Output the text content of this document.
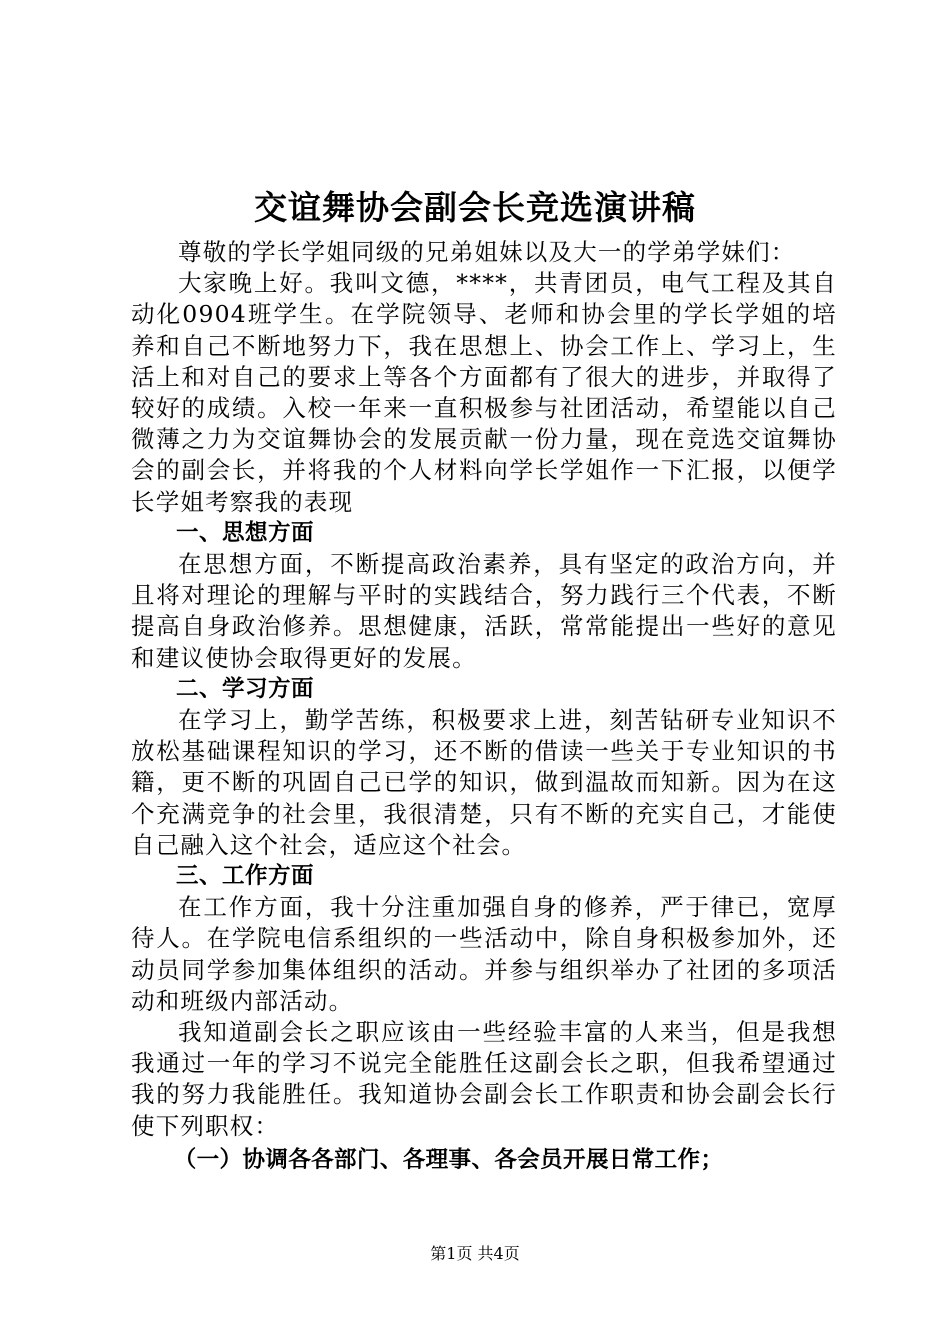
交谊舞协会副会长竞选演讲稿

尊敬的学长学姐同级的兄弟姐妹以及大一的学弟学妹们：

大家晚上好。我叫文德，****，共青团员，电气工程及其自动化0904班学生。在学院领导、老师和协会里的学长学姐的培养和自己不断地努力下，我在思想上、协会工作上、学习上，生活上和对自己的要求上等各个方面都有了很大的进步，并取得了较好的成绩。入校一年来一直积极参与社团活动，希望能以自己微薄之力为交谊舞协会的发展贡献一份力量，现在竞选交谊舞协会的副会长，并将我的个人材料向学长学姐作一下汇报，以便学长学姐考察我的表现

一、思想方面

在思想方面，不断提高政治素养，具有坚定的政治方向，并且将对理论的理解与平时的实践结合，努力践行三个代表，不断提高自身政治修养。思想健康，活跃，常常能提出一些好的意见和建议使协会取得更好的发展。

二、学习方面

在学习上，勤学苦练，积极要求上进，刻苦钻研专业知识不放松基础课程知识的学习，还不断的借读一些关于专业知识的书籍，更不断的巩固自己已学的知识，做到温故而知新。因为在这个充满竞争的社会里，我很清楚，只有不断的充实自己，才能使自己融入这个社会，适应这个社会。

三、工作方面

在工作方面，我十分注重加强自身的修养，严于律已，宽厚待人。在学院电信系组织的一些活动中，除自身积极参加外，还动员同学参加集体组织的活动。并参与组织举办了社团的多项活动和班级内部活动。

我知道副会长之职应该由一些经验丰富的人来当，但是我想我通过一年的学习不说完全能胜任这副会长之职，但我希望通过我的努力我能胜任。我知道协会副会长工作职责和协会副会长行使下列职权：

（一）协调各各部门、各理事、各会员开展日常工作；

第1页 共4页
